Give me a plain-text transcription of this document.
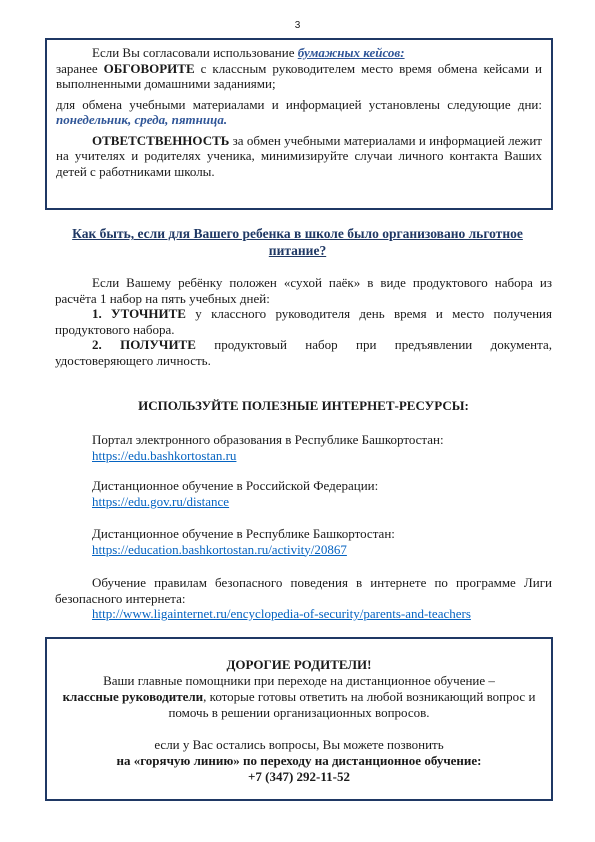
3

Если Вы согласовали использование бумажных кейсов:

заранее ОБГОВОРИТЕ с классным руководителем место время обмена кейсами и выполненными домашними заданиями;

для обмена учебными материалами и информацией установлены следующие дни: понедельник, среда, пятница.

ОТВЕТСТВЕННОСТЬ за обмен учебными материалами и информацией лежит на учителях и родителях ученика, минимизируйте случаи личного контакта Ваших детей с работниками школы.

Как быть, если для Вашего ребенка в школе было организовано льготное питание?

Если Вашему ребёнку положен «сухой паёк» в виде продуктового набора из расчёта 1 набор на пять учебных дней:

1. УТОЧНИТЕ у классного руководителя день время и место получения продуктового набора.

2. ПОЛУЧИТЕ продуктовый набор при предъявлении документа, удостоверяющего личность.

ИСПОЛЬЗУЙТЕ ПОЛЕЗНЫЕ ИНТЕРНЕТ-РЕСУРСЫ:

Портал электронного образования в Республике Башкортостан:

https://edu.bashkortostan.ru

Дистанционное обучение в Российской Федерации:

https://edu.gov.ru/distance

Дистанционное обучение в Республике Башкортостан:

https://education.bashkortostan.ru/activity/20867

Обучение правилам безопасного поведения в интернете по программе Лиги безопасного интернета:

http://www.ligainternet.ru/encyclopedia-of-security/parents-and-teachers

ДОРОГИЕ РОДИТЕЛИ!

Ваши главные помощники при переходе на дистанционное обучение –

классные руководители, которые готовы ответить на любой возникающий вопрос и помочь в решении организационных вопросов.

если у Вас остались вопросы, Вы можете позвонить

на «горячую линию» по переходу на дистанционное обучение:

+7 (347) 292-11-52
